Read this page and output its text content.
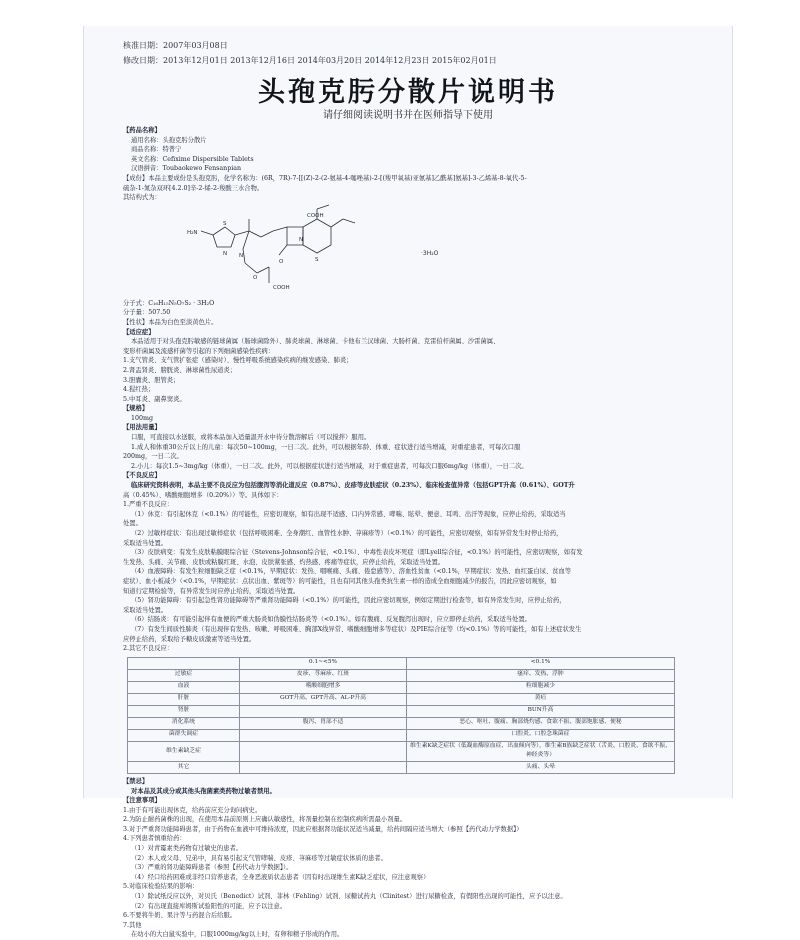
核准日期：2007年03月08日
修改日期：2013年12月01日 2013年12月16日 2014年03月20日 2014年12月23日 2015年02月01日
头孢克肟分散片说明书
请仔细阅读说明书并在医师指导下使用
【药品名称】
通用名称：头孢克肟分散片
商品名称：特普宁
英文名称：Cefixime Dispersible Tablets
汉语拼音：Toubaokewo Fensanpian
【成份】本品主要成份是头孢克肟，化学名称为：(6R，7R)-7-[[(Z)-2-(2-氨基-4-噻唑基)-2-[(羧甲氧基)亚氨基]乙酰基]氨基]-3-乙烯基-8-氧代-5-
硫杂-1-氮杂双环[4.2.0]辛-2-烯-2-羧酸三水合物。
其结构式为：
H₂N
S
N
COOH
S
N
O
N
O
COOH
·3H₂O
分子式：C₁₆H₁₅N₅O₇S₂ · 3H₂O
分子量：507.50
【性状】本品为白色至淡黄色片。
【适应症】
本品适用于对头孢克肟敏感的链球菌属（肠球菌除外）、肺炎球菌、淋球菌、卡他布兰汉球菌、大肠杆菌、克雷伯杆菌属、沙雷菌属、
变形杆菌属及流感杆菌等引起的下列细菌感染性疾病：
1.支气管炎、支气管扩张症（感染时）、慢性呼吸系统感染疾病的继发感染、肺炎；
2.肾盂肾炎、膀胱炎、淋球菌性尿道炎；
3.胆囊炎、胆管炎；
4.猩红热；
5.中耳炎、副鼻窦炎。
【规格】
100mg
【用法用量】
口服，可直接以水送服，或将本品加入适量温开水中待分散溶解后（可以搅拌）服用。
1.成人和体重30公斤以上的儿童：每次50~100mg，一日二次。此外，可以根据年龄、体重、症状进行适当增减，对重症患者，可每次口服
200mg，一日二次。
2.小儿：每次1.5~3mg/kg（体重），一日二次。此外，可以根据症状进行适当增减，对于重症患者，可每次口服6mg/kg（体重），一日二次。
【不良反应】
临床研究资料表明，本品主要不良反应为包括腹泻等消化道反应（0.87%）、皮疹等皮肤症状（0.23%）、临床检查值异常（包括GPT升高（0.61%）、GOT升
高（0.45%）、嗜酸细胞增多（0.20%））等。具体如下：
1.严重不良反应：
（1）休克：有引起休克（<0.1%）的可能性，应密切观察，如有出现不适感、口内异常感、哮喘、眩晕、便意、耳鸣、出汗等现象，应停止给药，采取适当
处置。
（2）过敏样症状：有出现过敏样症状（包括呼吸困难、全身潮红、血管性水肿、荨麻疹等）（<0.1%）的可能性，应密切观察，如有异常发生时停止给药，
采取适当处置。
（3）皮肤病变：有发生皮肤粘膜眼综合征（Stevens-Johnson综合征，<0.1%）、中毒性表皮坏死症（即Lyell综合征，<0.1%）的可能性，应密切观察，如有发
生发热、头痛、关节痛、皮肤或粘膜红斑、水泡、皮肤紧张感、灼热感、疼痛等症状，应停止给药，采取适当处置。
（4）血液障碍：有发生粒细胞缺乏症（<0.1%，早期症状：发热、咽喉痛、头痛、倦怠感等）、溶血性贫血（<0.1%，早期症状：发热、血红蛋白尿、贫血等
症状）、血小板减少（<0.1%，早期症状：点状出血、紫斑等）的可能性，且也有同其他头孢类抗生素一样的造成全血细胞减少的报告，因此应密切观察，如
知道行定期检验等，有异常发生时应停止给药，采取适当处置。
（5）肾功能障碍：有引起急性肾功能障碍等严重肾功能障碍（<0.1%）的可能性，因此应密切观察，例如定期进行检查等，如有异常发生时，应停止给药，
采取适当处置。
（6）结肠炎：有可能引起伴有血便的严重大肠炎如伪膜性结肠炎等（<0.1%）。如有腹痛、反复腹泻出现时，应立即停止给药，采取适当处置。
（7）有发生间质性肺炎（有出现伴有发热、咳嗽、呼吸困难、胸部X线异常、嗜酸细胞增多等症状）及PIE综合征等（均<0.1%）等的可能性，如有上述症状发生
应停止给药，采取给予糖皮质激素等适当处置。
2.其它不良反应：
	0.1~<5%	<0.1%
过敏症	皮疹、荨麻疹、红斑	瘙痒、发热、浮肿
血液	嗜酸细胞增多	粒细胞减少
肝脏	GOT升高、GPT升高、AL-P升高	黄疸
肾脏		BUN升高
消化系统	腹泻、胃部不适	恶心、呕吐、腹痛、胸部烧灼感、食欲不振、腹部饱胀感、便秘
菌群失调症		口腔炎、口腔念珠菌症
维生素缺乏症		维生素K缺乏症状（低凝血酶原血症、出血倾向等），维生素B族缺乏症状（舌炎、口腔炎、食欲不振、神经炎等）
其它		头痛、头晕
【禁忌】
对本品及其成分或其他头孢菌素类药物过敏者禁用。
【注意事项】
1.由于有可能出现休克，给药前应充分询问病史。
2.为防止耐药菌株的出现，在使用本品前原则上应确认敏感性，将剂量控制在控制疾病所需最小剂量。
3.对于严重肾功能障碍患者，由于药物在血液中可维持浓度，因此应根据肾功能状况适当减量，给药间隔应适当增大（参照【药代动力学数据】）
4.下列患者慎重给药：
（1）对青霉素类药物有过敏史的患者。
（2）本人或父母、兄弟中，具有易引起支气管哮喘、皮疹、荨麻疹等过敏症状体质的患者。
（3）严重的肾功能障碍患者（参照【药代动力学数据】）。
（4）经口给药困难或非经口营养患者，全身恶液质状态患者（因有时出现维生素K缺乏症状，应注意观察）
5.对临床检验结果的影响：
（1）除试纸反应以外，对贝氏（Benedict）试剂、菲林（Fehling）试剂、尿糖试药丸（Clinitest）进行尿糖检查，有假阳性出现的可能性，应予以注意。
（2）有出现直接库姆斯试验阳性的可能，应予以注意。
6.不要将牛奶、果汁等与药混合后给服。
7.其他
在幼小的大白鼠实验中，口服1000mg/kg以上时，有卵和精子形成的作用。
